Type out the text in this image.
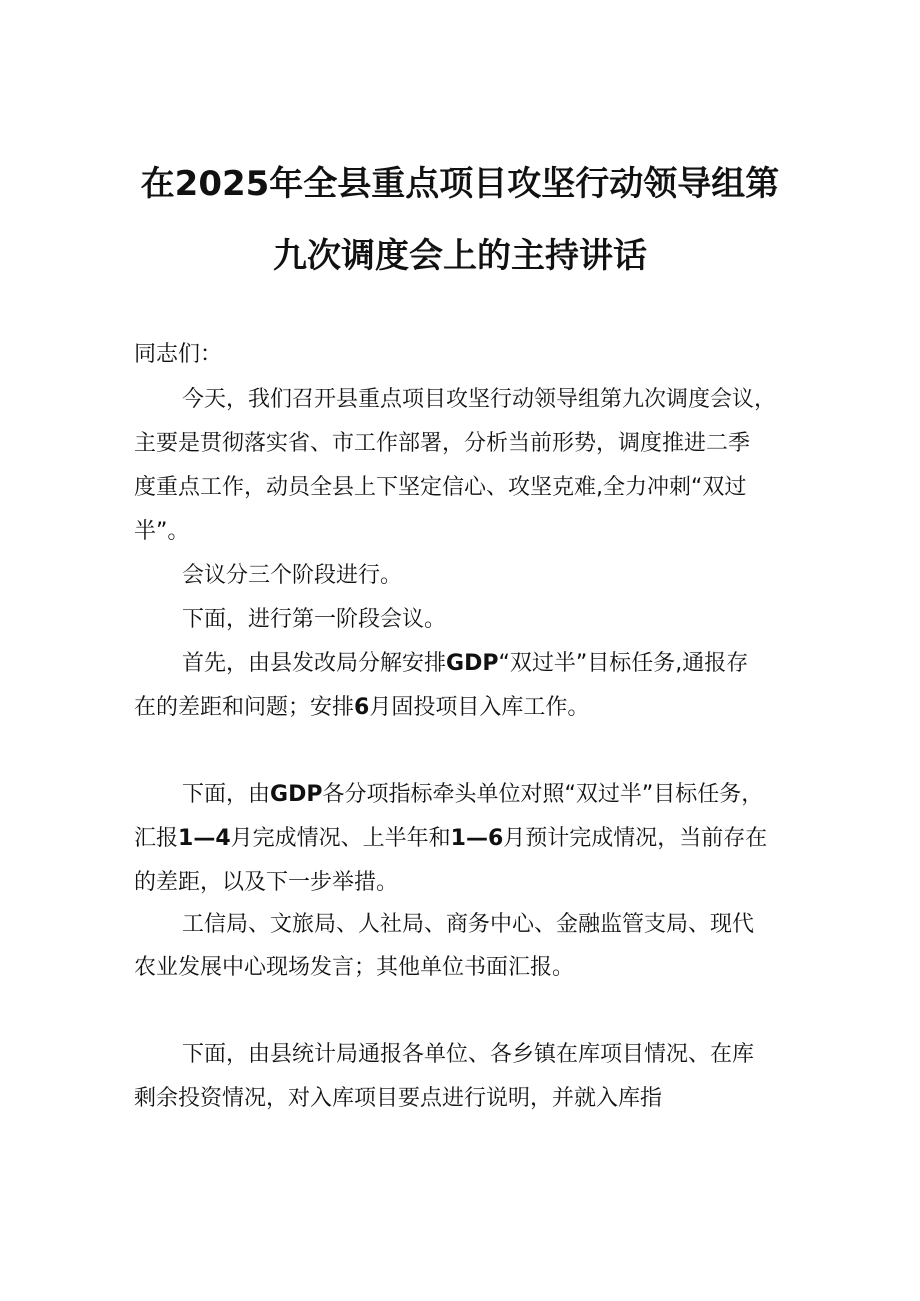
在2025年全县重点项目攻坚行动领导组第
九次调度会上的主持讲话
同志们：
今天，我们召开县重点项目攻坚行动领导组第九次调度会议，
主要是贯彻落实省、市工作部署，分析当前形势，调度推进二季
度重点工作，动员全县上下坚定信心、攻坚克难,全力冲刺“双过
半”。
会议分三个阶段进行。
下面，进行第一阶段会议。
首先，由县发改局分解安排GDP“双过半”目标任务,通报存
在的差距和问题；安排6月固投项目入库工作。
下面，由GDP各分项指标牵头单位对照“双过半”目标任务，
汇报1—4月完成情况、上半年和1—6月预计完成情况，当前存在
的差距，以及下一步举措。
工信局、文旅局、人社局、商务中心、金融监管支局、现代
农业发展中心现场发言；其他单位书面汇报。
下面，由县统计局通报各单位、各乡镇在库项目情况、在库
剩余投资情况，对入库项目要点进行说明，并就入库指
